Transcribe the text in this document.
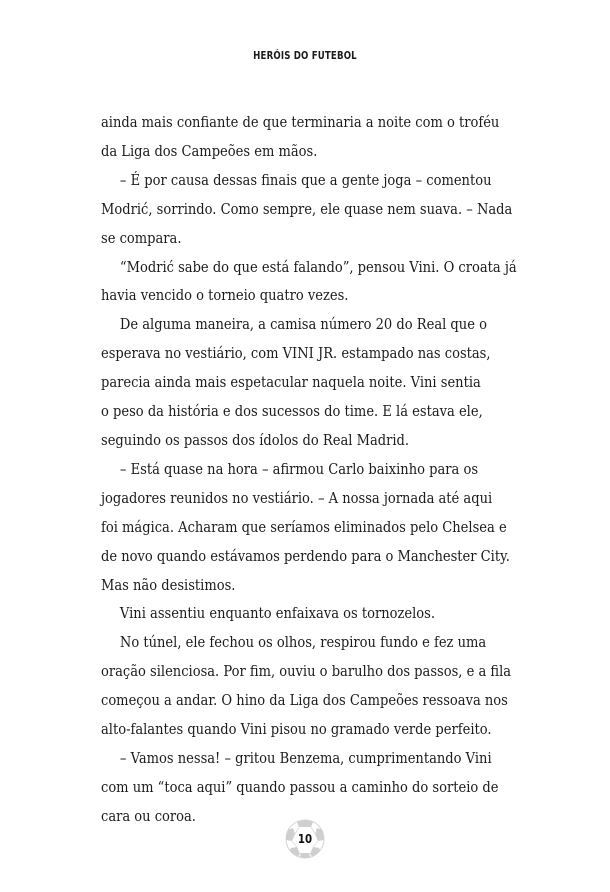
HERÓIS DO FUTEBOL
ainda mais confiante de que terminaria a noite com o troféu
da Liga dos Campeões em mãos.
– É por causa dessas finais que a gente joga – comentou
Modrić, sorrindo. Como sempre, ele quase nem suava. – Nada
se compara.
“Modrić sabe do que está falando”, pensou Vini. O croata já
havia vencido o torneio quatro vezes.
De alguma maneira, a camisa número 20 do Real que o
esperava no vestiário, com VINI JR. estampado nas costas,
parecia ainda mais espetacular naquela noite. Vini sentia
o peso da história e dos sucessos do time. E lá estava ele,
seguindo os passos dos ídolos do Real Madrid.
– Está quase na hora – afirmou Carlo baixinho para os
jogadores reunidos no vestiário. – A nossa jornada até aqui
foi mágica. Acharam que seríamos eliminados pelo Chelsea e
de novo quando estávamos perdendo para o Manchester City.
Mas não desistimos.
Vini assentiu enquanto enfaixava os tornozelos.
No túnel, ele fechou os olhos, respirou fundo e fez uma
oração silenciosa. Por fim, ouviu o barulho dos passos, e a fila
começou a andar. O hino da Liga dos Campeões ressoava nos
alto-falantes quando Vini pisou no gramado verde perfeito.
– Vamos nessa! – gritou Benzema, cumprimentando Vini
com um “toca aqui” quando passou a caminho do sorteio de
cara ou coroa.
10
